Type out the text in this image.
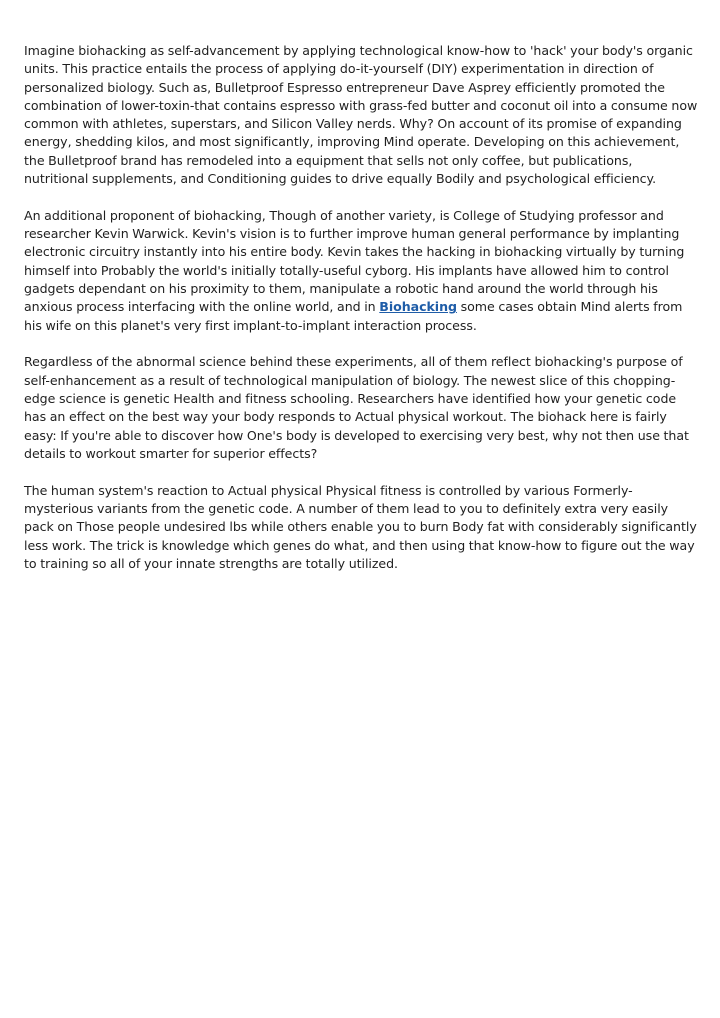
Imagine biohacking as self-advancement by applying technological know-how to 'hack' your body's organic units. This practice entails the process of applying do-it-yourself (DIY) experimentation in direction of personalized biology. Such as, Bulletproof Espresso entrepreneur Dave Asprey efficiently promoted the combination of lower-toxin-that contains espresso with grass-fed butter and coconut oil into a consume now common with athletes, superstars, and Silicon Valley nerds. Why? On account of its promise of expanding energy, shedding kilos, and most significantly, improving Mind operate. Developing on this achievement, the Bulletproof brand has remodeled into a equipment that sells not only coffee, but publications, nutritional supplements, and Conditioning guides to drive equally Bodily and psychological efficiency.

An additional proponent of biohacking, Though of another variety, is College of Studying professor and researcher Kevin Warwick. Kevin's vision is to further improve human general performance by implanting electronic circuitry instantly into his entire body. Kevin takes the hacking in biohacking virtually by turning himself into Probably the world's initially totally-useful cyborg. His implants have allowed him to control gadgets dependant on his proximity to them, manipulate a robotic hand around the world through his anxious process interfacing with the online world, and in Biohacking some cases obtain Mind alerts from his wife on this planet's very first implant-to-implant interaction process.

Regardless of the abnormal science behind these experiments, all of them reflect biohacking's purpose of self-enhancement as a result of technological manipulation of biology. The newest slice of this chopping-edge science is genetic Health and fitness schooling. Researchers have identified how your genetic code has an effect on the best way your body responds to Actual physical workout. The biohack here is fairly easy: If you're able to discover how One's body is developed to exercising very best, why not then use that details to workout smarter for superior effects?

The human system's reaction to Actual physical Physical fitness is controlled by various Formerly-mysterious variants from the genetic code. A number of them lead to you to definitely extra very easily pack on Those people undesired lbs while others enable you to burn Body fat with considerably significantly less work. The trick is knowledge which genes do what, and then using that know-how to figure out the way to training so all of your innate strengths are totally utilized.
